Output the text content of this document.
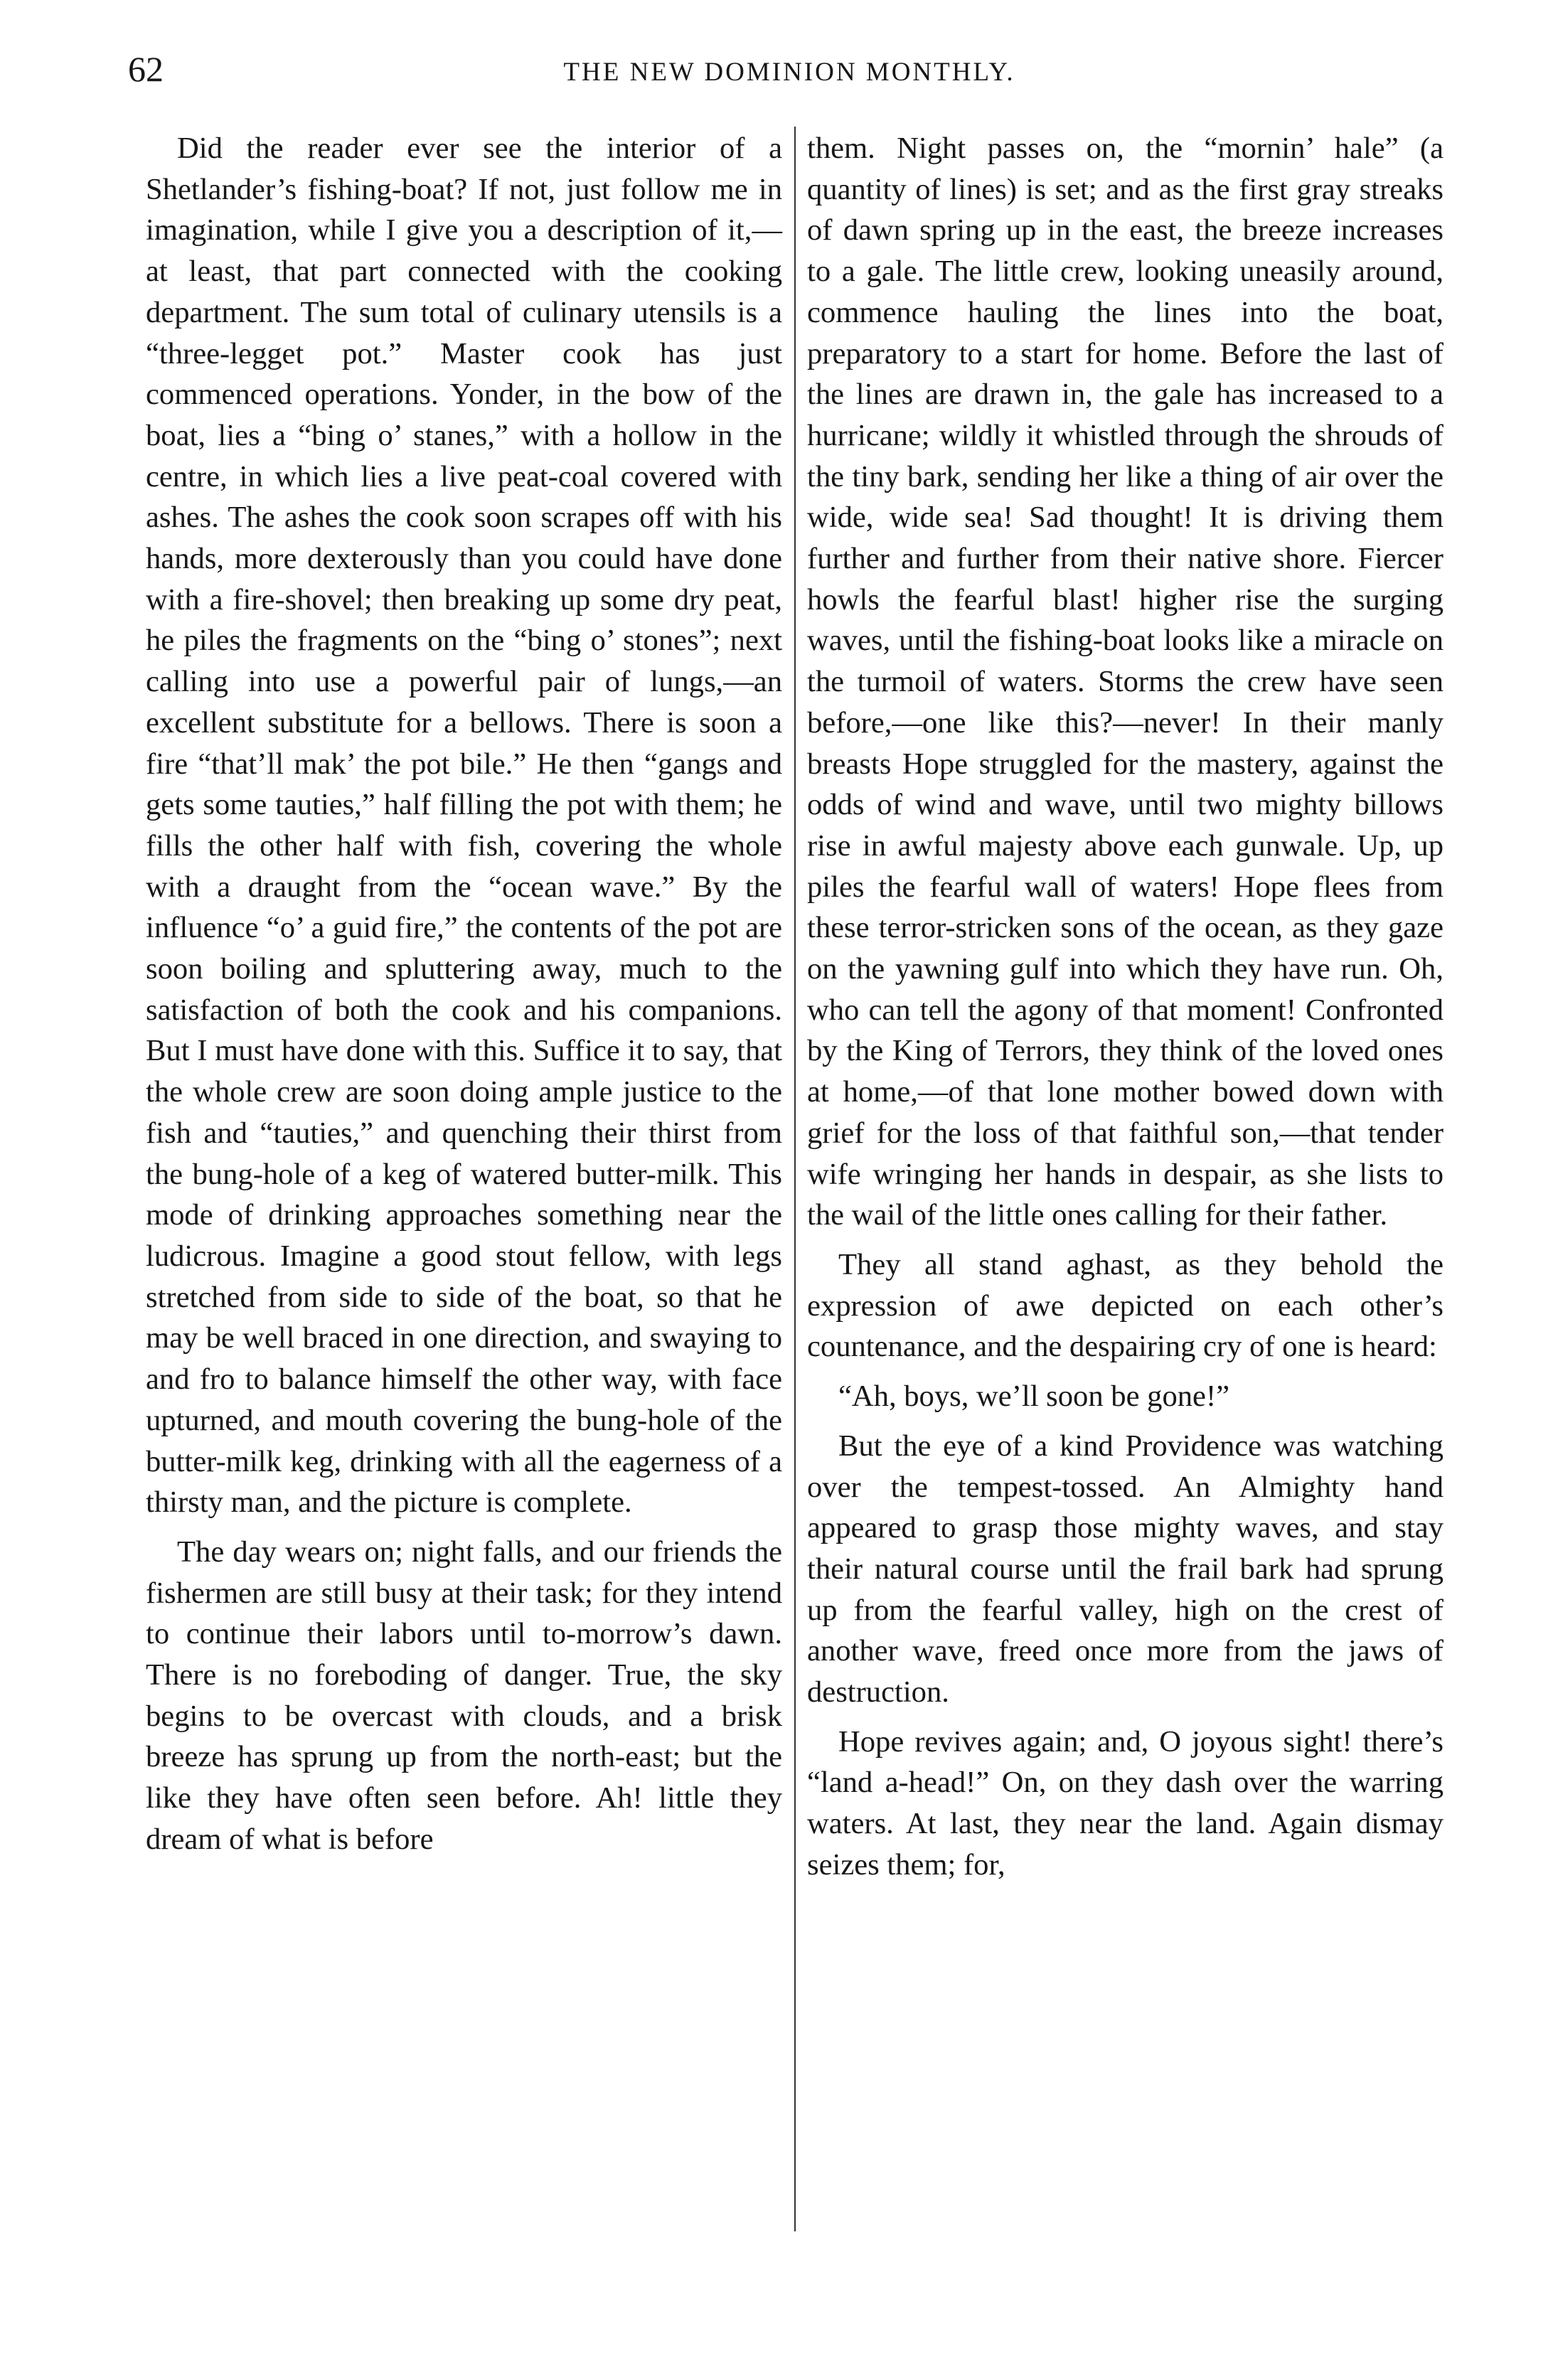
62	THE NEW DOMINION MONTHLY.

Did the reader ever see the interior of a Shetlander’s fishing-boat? If not, just follow me in imagination, while I give you a description of it,—at least, that part connected with the cooking department. The sum total of culinary utensils is a “three-legget pot.” Master cook has just commenced operations. Yonder, in the bow of the boat, lies a “bing o’ stanes,” with a hollow in the centre, in which lies a live peat-coal covered with ashes. The ashes the cook soon scrapes off with his hands, more dexterously than you could have done with a fire-shovel; then breaking up some dry peat, he piles the fragments on the “bing o’ stones”; next calling into use a powerful pair of lungs,—an excellent substitute for a bellows. There is soon a fire “that’ll mak’ the pot bile.” He then “gangs and gets some tauties,” half filling the pot with them; he fills the other half with fish, covering the whole with a draught from the “ocean wave.” By the influence “o’ a guid fire,” the contents of the pot are soon boiling and spluttering away, much to the satisfaction of both the cook and his companions. But I must have done with this. Suffice it to say, that the whole crew are soon doing ample justice to the fish and “tauties,” and quenching their thirst from the bung-hole of a keg of watered butter-milk. This mode of drinking approaches something near the ludicrous. Imagine a good stout fellow, with legs stretched from side to side of the boat, so that he may be well braced in one direction, and swaying to and fro to balance himself the other way, with face upturned, and mouth covering the bung-hole of the butter-milk keg, drinking with all the eagerness of a thirsty man, and the picture is complete.

The day wears on; night falls, and our friends the fishermen are still busy at their task; for they intend to continue their labors until to-morrow’s dawn. There is no foreboding of danger. True, the sky begins to be overcast with clouds, and a brisk breeze has sprung up from the north-east; but the like they have often seen before. Ah! little they dream of what is before

them. Night passes on, the “mornin’ hale” (a quantity of lines) is set; and as the first gray streaks of dawn spring up in the east, the breeze increases to a gale. The little crew, looking uneasily around, commence hauling the lines into the boat, preparatory to a start for home. Before the last of the lines are drawn in, the gale has increased to a hurricane; wildly it whistled through the shrouds of the tiny bark, sending her like a thing of air over the wide, wide sea! Sad thought! It is driving them further and further from their native shore. Fiercer howls the fearful blast! higher rise the surging waves, until the fishing-boat looks like a miracle on the turmoil of waters. Storms the crew have seen before,—one like this?—never! In their manly breasts Hope struggled for the mastery, against the odds of wind and wave, until two mighty billows rise in awful majesty above each gunwale. Up, up piles the fearful wall of waters! Hope flees from these terror-stricken sons of the ocean, as they gaze on the yawning gulf into which they have run. Oh, who can tell the agony of that moment! Confronted by the King of Terrors, they think of the loved ones at home,—of that lone mother bowed down with grief for the loss of that faithful son,—that tender wife wringing her hands in despair, as she lists to the wail of the little ones calling for their father.

They all stand aghast, as they behold the expression of awe depicted on each other’s countenance, and the despairing cry of one is heard:

“Ah, boys, we’ll soon be gone!”

But the eye of a kind Providence was watching over the tempest-tossed. An Almighty hand appeared to grasp those mighty waves, and stay their natural course until the frail bark had sprung up from the fearful valley, high on the crest of another wave, freed once more from the jaws of destruction.

Hope revives again; and, O joyous sight! there’s “land a-head!” On, on they dash over the warring waters. At last, they near the land. Again dismay seizes them; for,
